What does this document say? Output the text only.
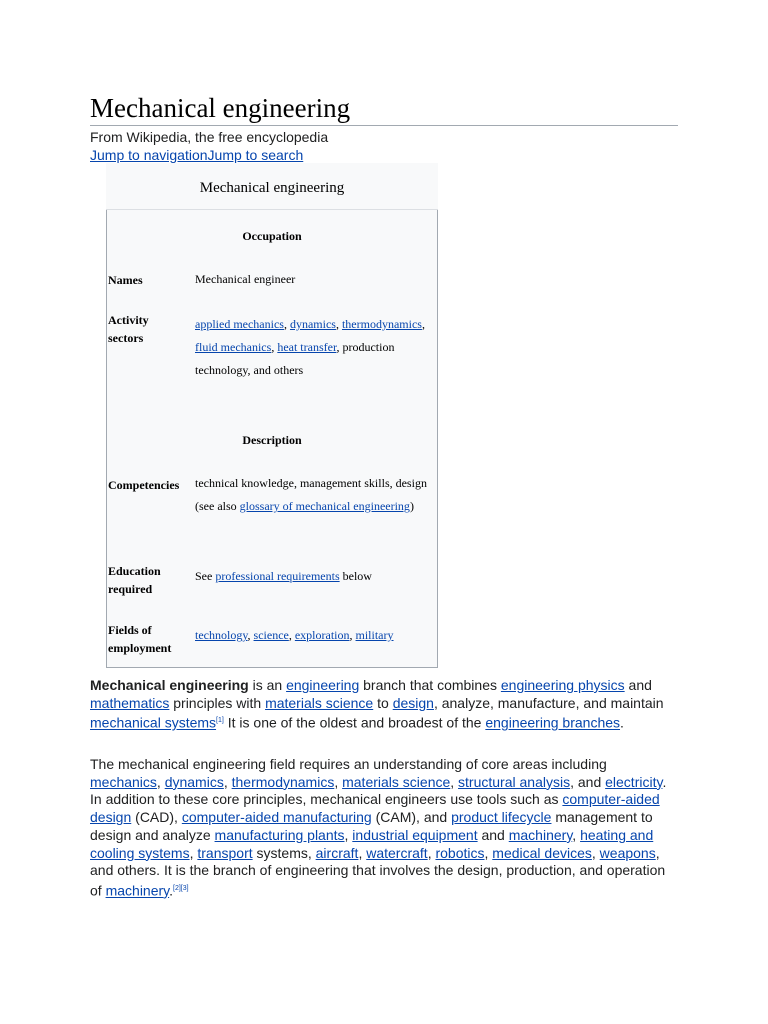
Mechanical engineering
From Wikipedia, the free encyclopedia
Jump to navigationJump to search
Mechanical engineering
Occupation
Names	Mechanical engineer
Activity sectors
applied mechanics, dynamics, thermodynamics, fluid mechanics, heat transfer, production technology, and others
Description
Competencies	technical knowledge, management skills, design (see also glossary of mechanical engineering)
Education required
See professional requirements below
Fields of employment
technology, science, exploration, military

Mechanical engineering is an engineering branch that combines engineering physics and mathematics principles with materials science to design, analyze, manufacture, and maintain mechanical systems[1] It is one of the oldest and broadest of the engineering branches.

The mechanical engineering field requires an understanding of core areas including mechanics, dynamics, thermodynamics, materials science, structural analysis, and electricity. In addition to these core principles, mechanical engineers use tools such as computer-aided design (CAD), computer-aided manufacturing (CAM), and product lifecycle management to design and analyze manufacturing plants, industrial equipment and machinery, heating and cooling systems, transport systems, aircraft, watercraft, robotics, medical devices, weapons, and others. It is the branch of engineering that involves the design, production, and operation of machinery.[2][3]
